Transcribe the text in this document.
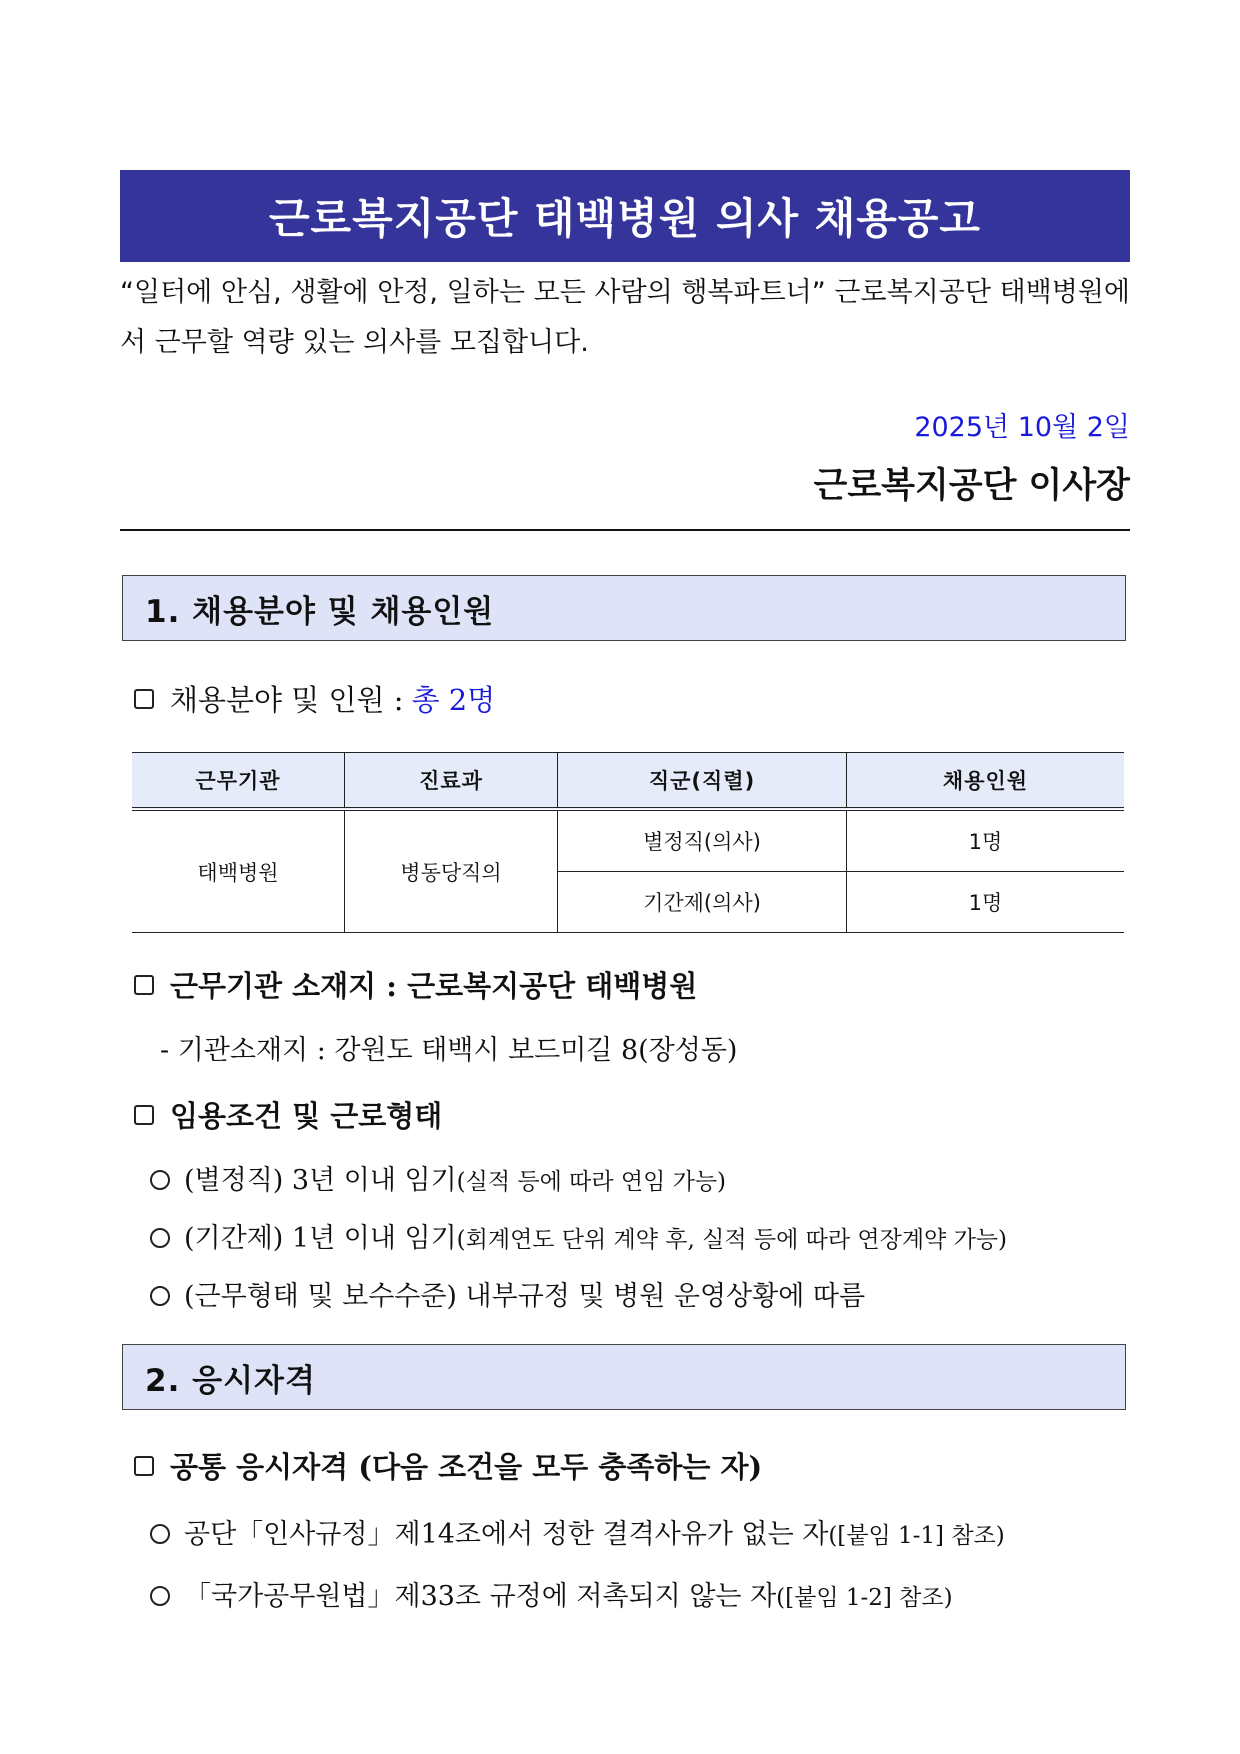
근로복지공단 태백병원 의사 채용공고
“일터에 안심, 생활에 안정, 일하는 모든 사람의 행복파트너” 근로복지공단 태백병원에서 근무할 역량 있는 의사를 모집합니다.
2025년 10월 2일
근로복지공단 이사장
1. 채용분야 및 채용인원
채용분야 및 인원 : 총 2명
근무기관	진료과	직군(직렬)	채용인원
태백병원	병동당직의	별정직(의사)	1명
		기간제(의사)	1명
근무기관 소재지 : 근로복지공단 태백병원
- 기관소재지 : 강원도 태백시 보드미길 8(장성동)
임용조건 및 근로형태
(별정직) 3년 이내 임기 (실적 등에 따라 연임 가능)
(기간제) 1년 이내 임기 (회계연도 단위 계약 후, 실적 등에 따라 연장계약 가능)
(근무형태 및 보수수준) 내부규정 및 병원 운영상황에 따름
2. 응시자격
공통 응시자격 (다음 조건을 모두 충족하는 자)
공단「인사규정」제14조에서 정한 결격사유가 없는 자 ([붙임 1-1] 참조)
「국가공무원법」제33조 규정에 저촉되지 않는 자 ([붙임 1-2] 참조)
